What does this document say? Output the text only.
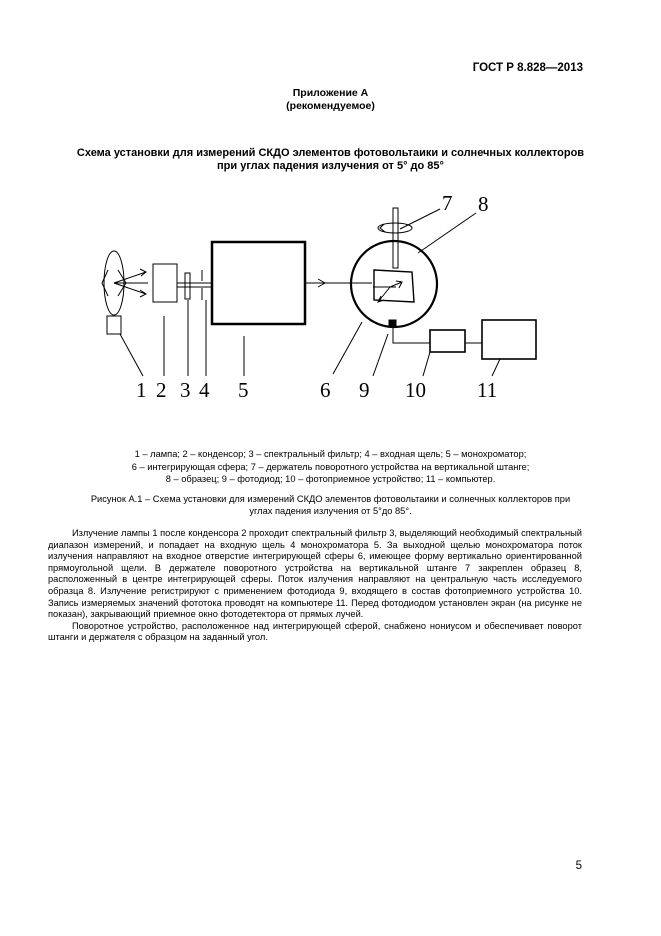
ГОСТ Р 8.828—2013
Приложение А
(рекомендуемое)
Схема установки для измерений СКДО элементов фотовольтаики и солнечных коллекторов
при углах падения излучения от 5° до 85°
1 2 3 4 5	6 9 10 11
7 8
1 – лампа; 2 – конденсор; 3 – спектральный фильтр; 4 – входная щель; 5 – монохроматор;
6 – интегрирующая сфера; 7 – держатель поворотного устройства на вертикальной штанге;
8 – образец; 9 – фотодиод; 10 – фотоприемное устройство; 11 – компьютер.
Рисунок А.1 – Схема установки для измерений СКДО элементов фотовольтаики и солнечных коллекторов при
углах падения излучения от 5°до 85°.

Излучение лампы 1 после конденсора 2 проходит спектральный фильтр 3, выделяющий необходимый спектральный диапазон измерений, и попадает на входную щель 4 монохроматора 5. За выходной щелью монохроматора поток излучения направляют на входное отверстие интегрирующей сферы 6, имеющее форму вертикально ориентированной прямоугольной щели. В держателе поворотного устройства на вертикальной штанге 7 закреплен образец 8, расположенный в центре интегрирующей сферы. Поток излучения направляют на центральную часть исследуемого образца 8. Излучение регистрируют с применением фотодиода 9, входящего в состав фотоприемного устройства 10. Запись измеряемых значений фототока проводят на компьютере 11. Перед фотодиодом установлен экран (на рисунке не показан), закрывающий приемное окно фотодетектора от прямых лучей.

Поворотное устройство, расположенное над интегрирующей сферой, снабжено нониусом и обеспечивает поворот штанги и держателя с образцом на заданный угол.

5
